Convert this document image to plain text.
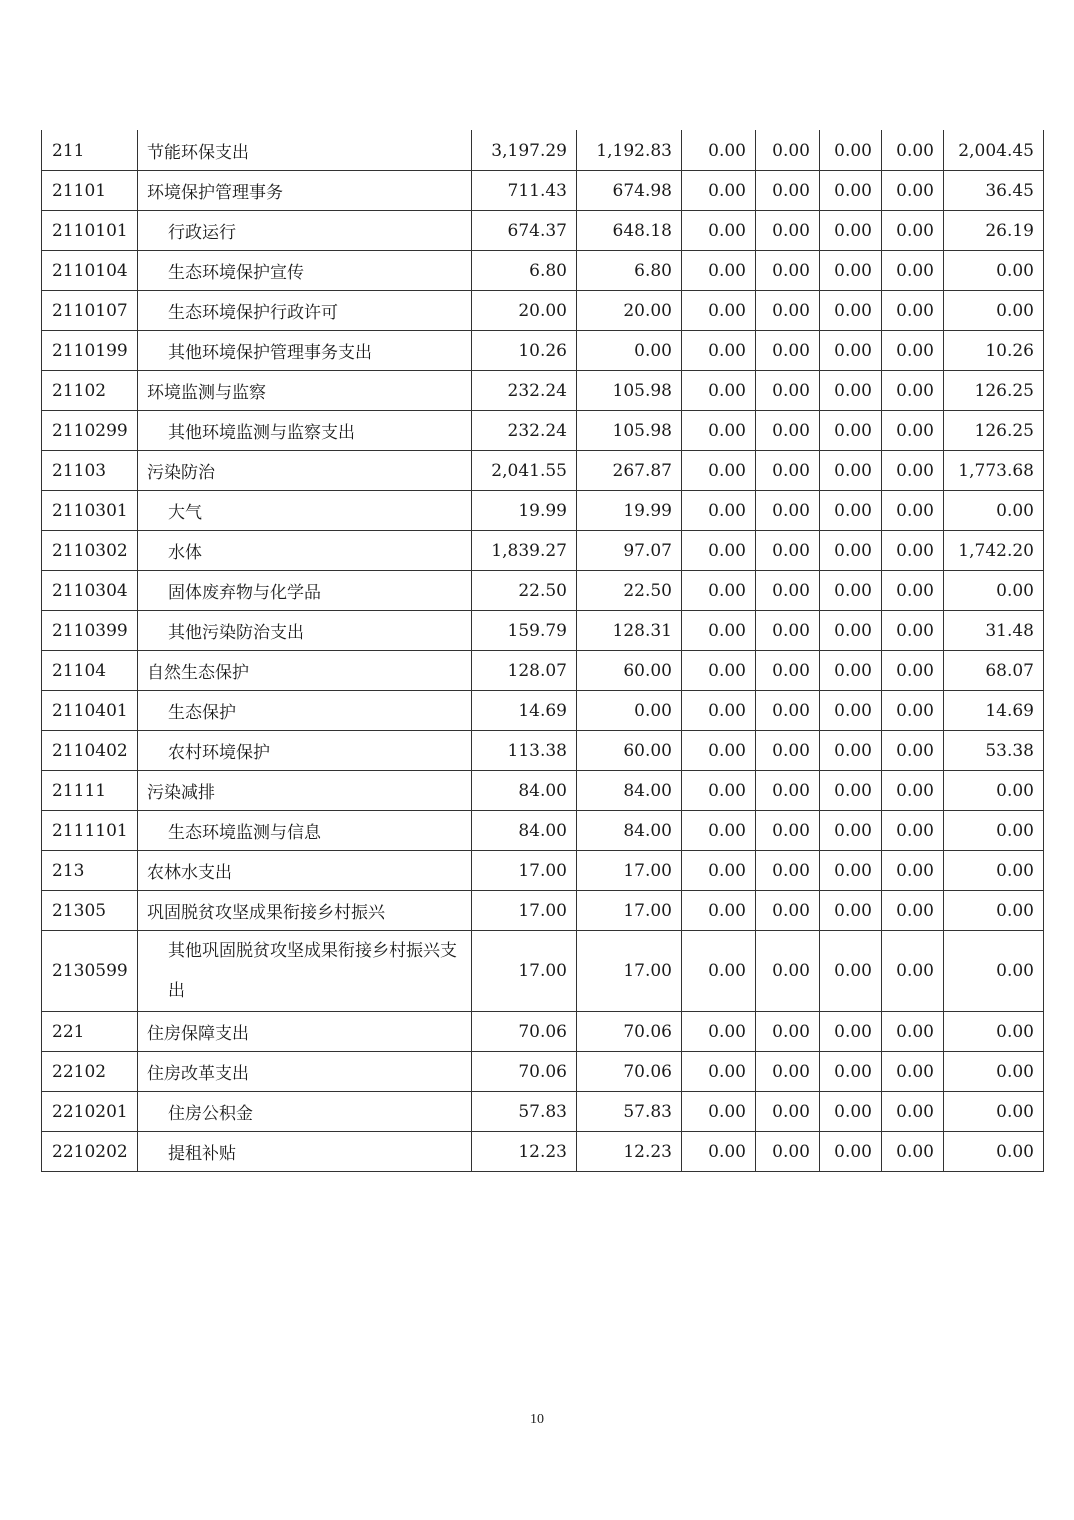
211	节能环保支出	3,197.29	1,192.83	0.00	0.00	0.00	0.00	2,004.45
21101	环境保护管理事务	711.43	674.98	0.00	0.00	0.00	0.00	36.45
2110101	行政运行	674.37	648.18	0.00	0.00	0.00	0.00	26.19
2110104	生态环境保护宣传	6.80	6.80	0.00	0.00	0.00	0.00	0.00
2110107	生态环境保护行政许可	20.00	20.00	0.00	0.00	0.00	0.00	0.00
2110199	其他环境保护管理事务支出	10.26	0.00	0.00	0.00	0.00	0.00	10.26
21102	环境监测与监察	232.24	105.98	0.00	0.00	0.00	0.00	126.25
2110299	其他环境监测与监察支出	232.24	105.98	0.00	0.00	0.00	0.00	126.25
21103	污染防治	2,041.55	267.87	0.00	0.00	0.00	0.00	1,773.68
2110301	大气	19.99	19.99	0.00	0.00	0.00	0.00	0.00
2110302	水体	1,839.27	97.07	0.00	0.00	0.00	0.00	1,742.20
2110304	固体废弃物与化学品	22.50	22.50	0.00	0.00	0.00	0.00	0.00
2110399	其他污染防治支出	159.79	128.31	0.00	0.00	0.00	0.00	31.48
21104	自然生态保护	128.07	60.00	0.00	0.00	0.00	0.00	68.07
2110401	生态保护	14.69	0.00	0.00	0.00	0.00	0.00	14.69
2110402	农村环境保护	113.38	60.00	0.00	0.00	0.00	0.00	53.38
21111	污染减排	84.00	84.00	0.00	0.00	0.00	0.00	0.00
2111101	生态环境监测与信息	84.00	84.00	0.00	0.00	0.00	0.00	0.00
213	农林水支出	17.00	17.00	0.00	0.00	0.00	0.00	0.00
21305	巩固脱贫攻坚成果衔接乡村振兴	17.00	17.00	0.00	0.00	0.00	0.00	0.00
2130599	其他巩固脱贫攻坚成果衔接乡村振兴支出	17.00	17.00	0.00	0.00	0.00	0.00	0.00
221	住房保障支出	70.06	70.06	0.00	0.00	0.00	0.00	0.00
22102	住房改革支出	70.06	70.06	0.00	0.00	0.00	0.00	0.00
2210201	住房公积金	57.83	57.83	0.00	0.00	0.00	0.00	0.00
2210202	提租补贴	12.23	12.23	0.00	0.00	0.00	0.00	0.00
10
